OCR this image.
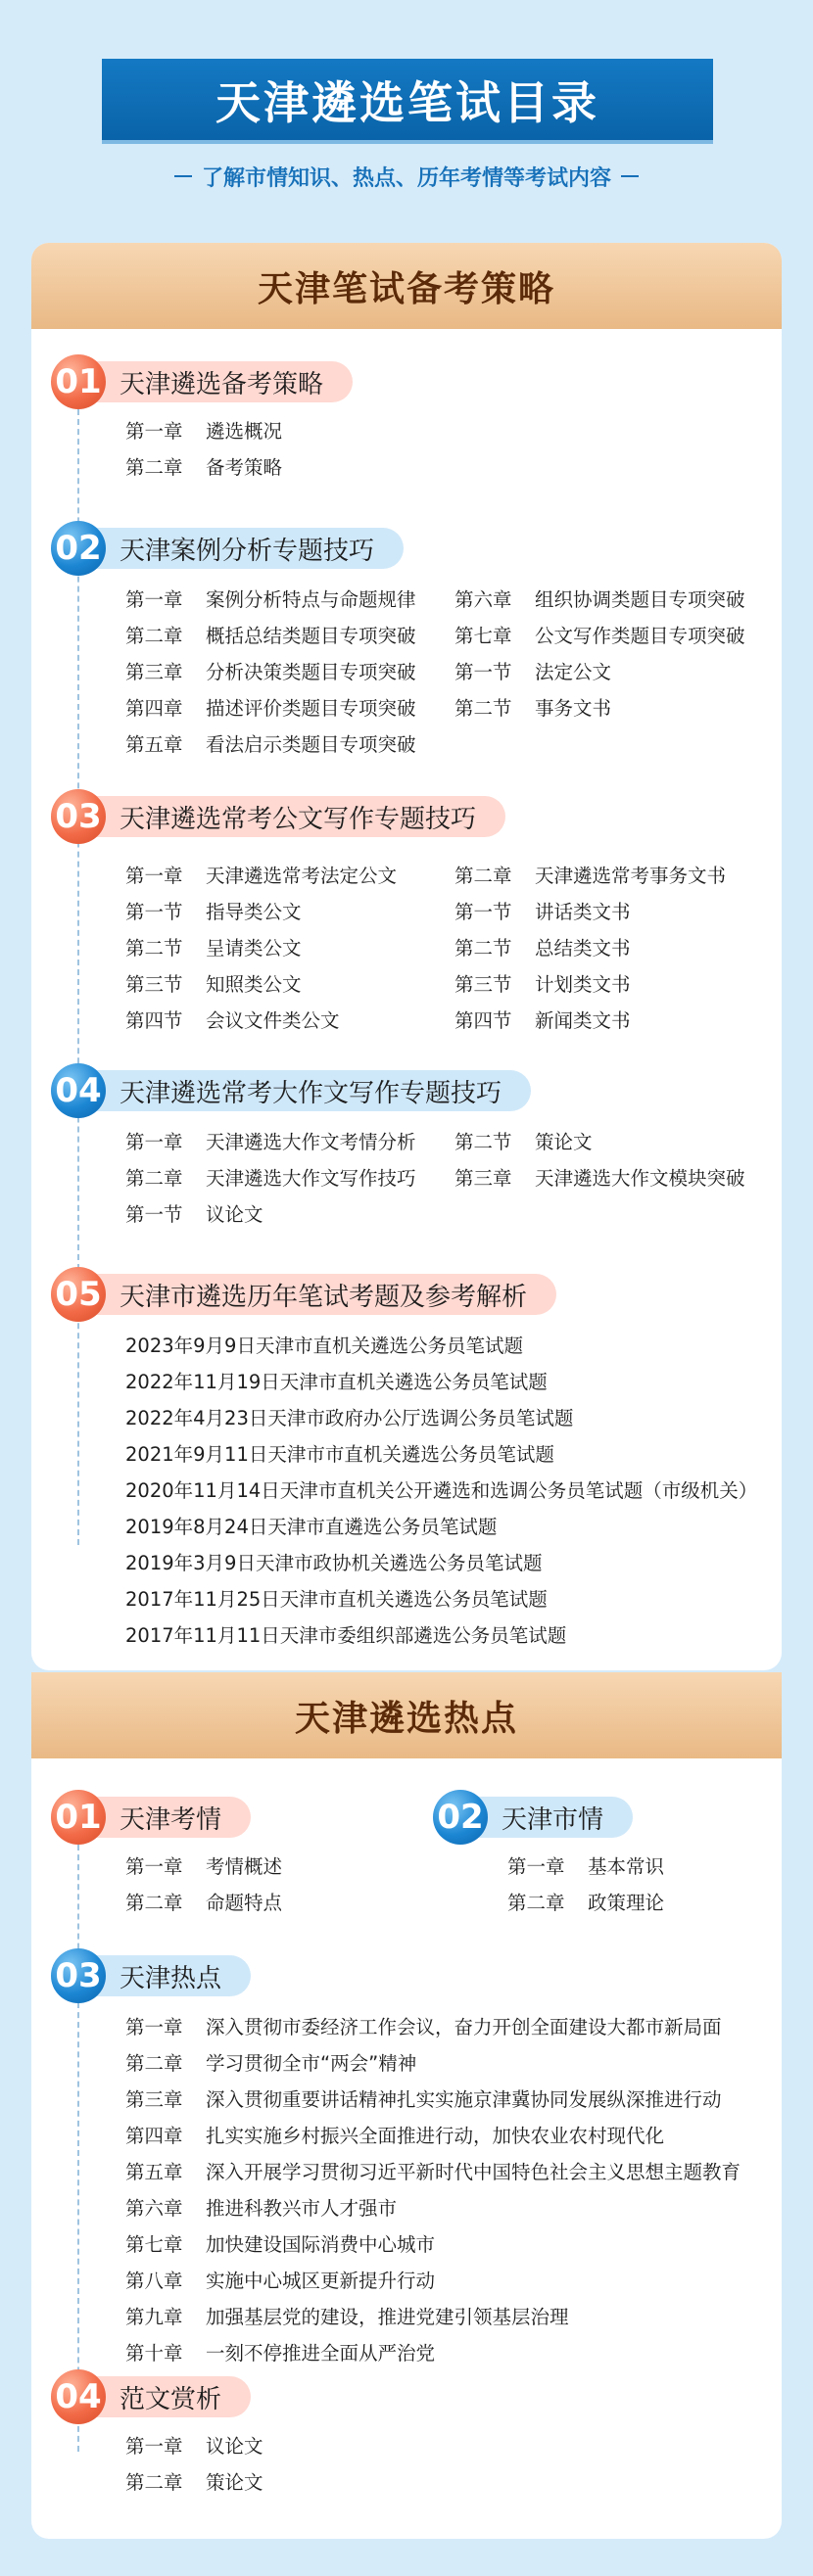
天津遴选笔试目录
了解市情知识、热点、历年考情等考试内容
天津笔试备考策略
01 天津遴选备考策略
第一章	遴选概况
第二章	备考策略
02 天津案例分析专题技巧
第一章	案例分析特点与命题规律
第二章	概括总结类题目专项突破
第三章	分析决策类题目专项突破
第四章	描述评价类题目专项突破
第五章	看法启示类题目专项突破
第六章	组织协调类题目专项突破
第七章	公文写作类题目专项突破
第一节	法定公文
第二节	事务文书
03 天津遴选常考公文写作专题技巧
第一章	天津遴选常考法定公文
第一节	指导类公文
第二节	呈请类公文
第三节	知照类公文
第四节	会议文件类公文
第二章	天津遴选常考事务文书
第一节	讲话类文书
第二节	总结类文书
第三节	计划类文书
第四节	新闻类文书
04 天津遴选常考大作文写作专题技巧
第一章	天津遴选大作文考情分析
第二章	天津遴选大作文写作技巧
第一节	议论文
第二节	策论文
第三章	天津遴选大作文模块突破
05 天津市遴选历年笔试考题及参考解析
2023年9月9日天津市直机关遴选公务员笔试题
2022年11月19日天津市直机关遴选公务员笔试题
2022年4月23日天津市政府办公厅选调公务员笔试题
2021年9月11日天津市市直机关遴选公务员笔试题
2020年11月14日天津市直机关公开遴选和选调公务员笔试题（市级机关）
2019年8月24日天津市直遴选公务员笔试题
2019年3月9日天津市政协机关遴选公务员笔试题
2017年11月25日天津市直机关遴选公务员笔试题
2017年11月11日天津市委组织部遴选公务员笔试题
天津遴选热点
01 天津考情
第一章	考情概述
第二章	命题特点
02 天津市情
第一章	基本常识
第二章	政策理论
03 天津热点
第一章	深入贯彻市委经济工作会议，奋力开创全面建设大都市新局面
第二章	学习贯彻全市“两会”精神
第三章	深入贯彻重要讲话精神扎实实施京津冀协同发展纵深推进行动
第四章	扎实实施乡村振兴全面推进行动，加快农业农村现代化
第五章	深入开展学习贯彻习近平新时代中国特色社会主义思想主题教育
第六章	推进科教兴市人才强市
第七章	加快建设国际消费中心城市
第八章	实施中心城区更新提升行动
第九章	加强基层党的建设，推进党建引领基层治理
第十章	一刻不停推进全面从严治党
04 范文赏析
第一章	议论文
第二章	策论文
